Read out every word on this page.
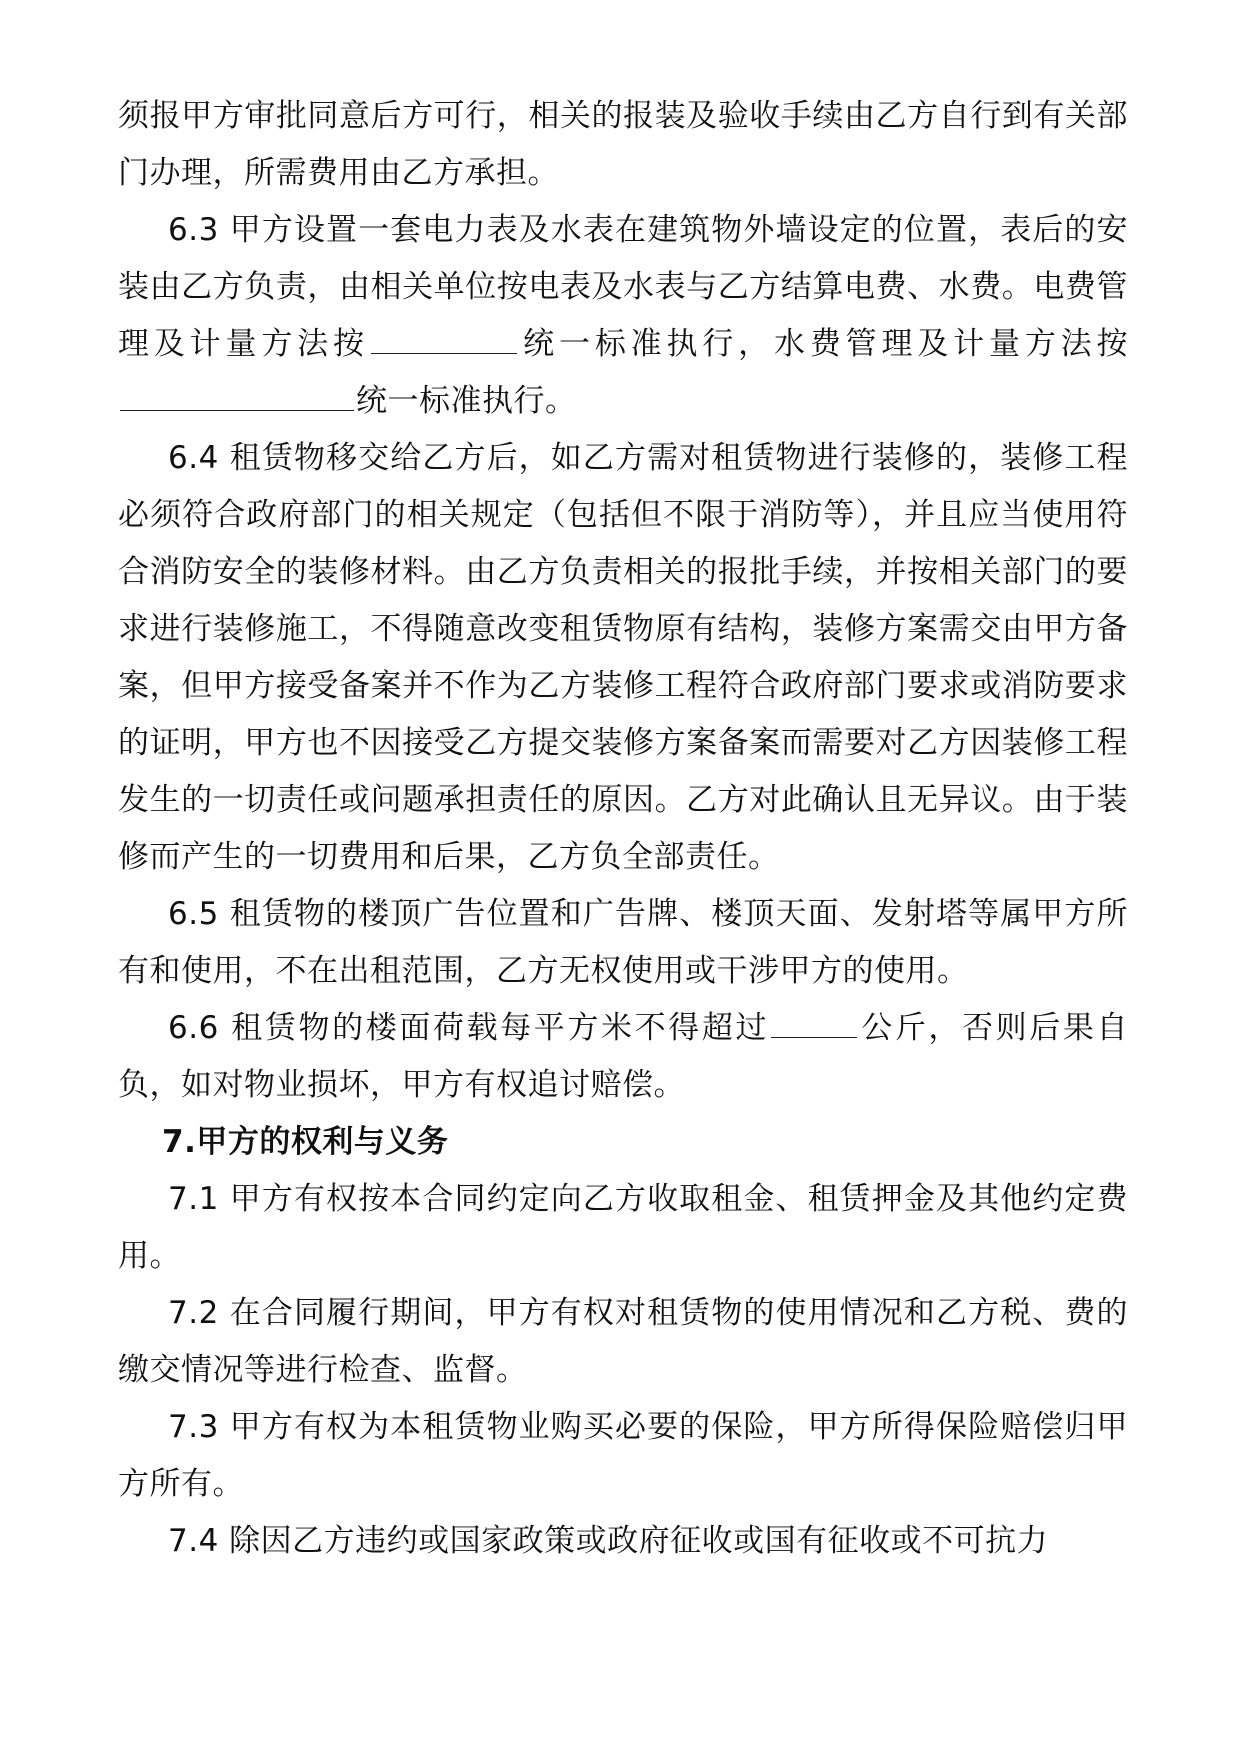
须报甲方审批同意后方可行，相关的报装及验收手续由乙方自行到有关部门办理，所需费用由乙方承担。

6.3 甲方设置一套电力表及水表在建筑物外墙设定的位置，表后的安装由乙方负责，由相关单位按电表及水表与乙方结算电费、水费。电费管理及计量方法按	统一标准执行，水费管理及计量方法按统一标准执行。

6.4 租赁物移交给乙方后，如乙方需对租赁物进行装修的，装修工程必须符合政府部门的相关规定（包括但不限于消防等），并且应当使用符合消防安全的装修材料。由乙方负责相关的报批手续，并按相关部门的要求进行装修施工，不得随意改变租赁物原有结构，装修方案需交由甲方备案，但甲方接受备案并不作为乙方装修工程符合政府部门要求或消防要求的证明，甲方也不因接受乙方提交装修方案备案而需要对乙方因装修工程发生的一切责任或问题承担责任的原因。乙方对此确认且无异议。由于装修而产生的一切费用和后果，乙方负全部责任。

6.5 租赁物的楼顶广告位置和广告牌、楼顶天面、发射塔等属甲方所有和使用，不在出租范围，乙方无权使用或干涉甲方的使用。

6.6 租赁物的楼面荷载每平方米不得超过	公斤，否则后果自负，如对物业损坏，甲方有权追讨赔偿。

7.甲方的权利与义务

7.1 甲方有权按本合同约定向乙方收取租金、租赁押金及其他约定费用。

7.2 在合同履行期间，甲方有权对租赁物的使用情况和乙方税、费的缴交情况等进行检查、监督。

7.3 甲方有权为本租赁物业购买必要的保险，甲方所得保险赔偿归甲方所有。

7.4 除因乙方违约或国家政策或政府征收或国有征收或不可抗力
